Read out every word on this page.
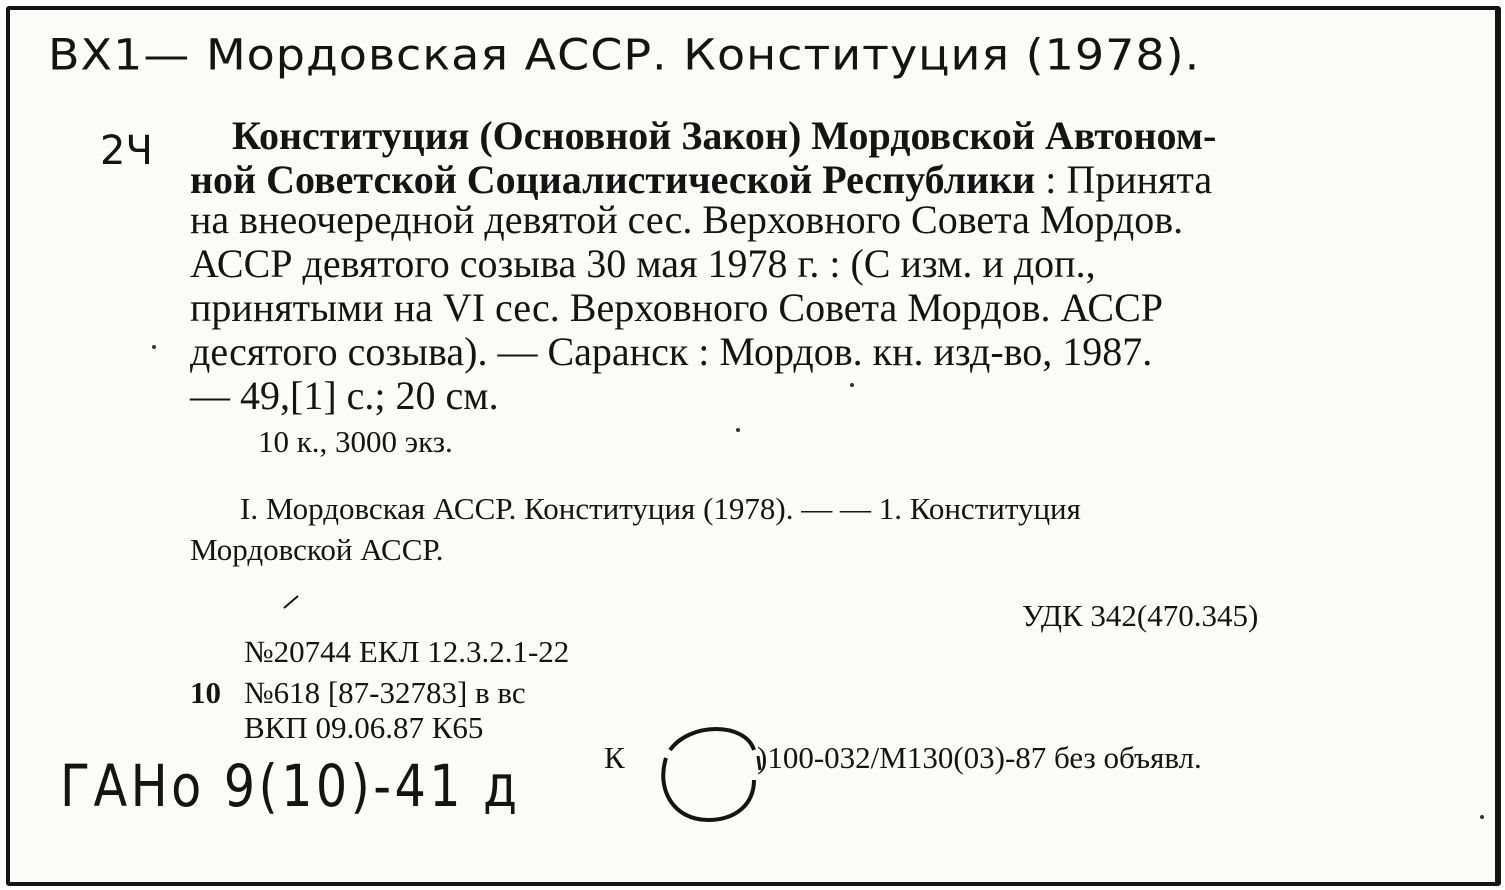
ВХ1— Мордовская АССР. Конституция (1978).
2Ч Конституция (Основной Закон) Мордовской Автоном-
ной Советской Социалистической Республики : Принята
на внеочередной девятой сес. Верховного Совета Мордов.
АССР девятого созыва 30 мая 1978 г. : (С изм. и доп.,
принятыми на VI сес. Верховного Совета Мордов. АССР
десятого созыва). — Саранск : Мордов. кн. изд-во, 1987.
— 49,[1] с.; 20 см.
10 к., 3000 экз.
I. Мордовская АССР. Конституция (1978). — — 1. Конституция
Мордовской АССР.
УДК 342(470.345)
№20744 ЕКЛ 12.3.2.1-22
10 №618 [87-32783] в вс
ВКП 09.06.87 К65
К	)100-032/М130(03)-87 без объявл.
ГАНо 9(10)-41 д
